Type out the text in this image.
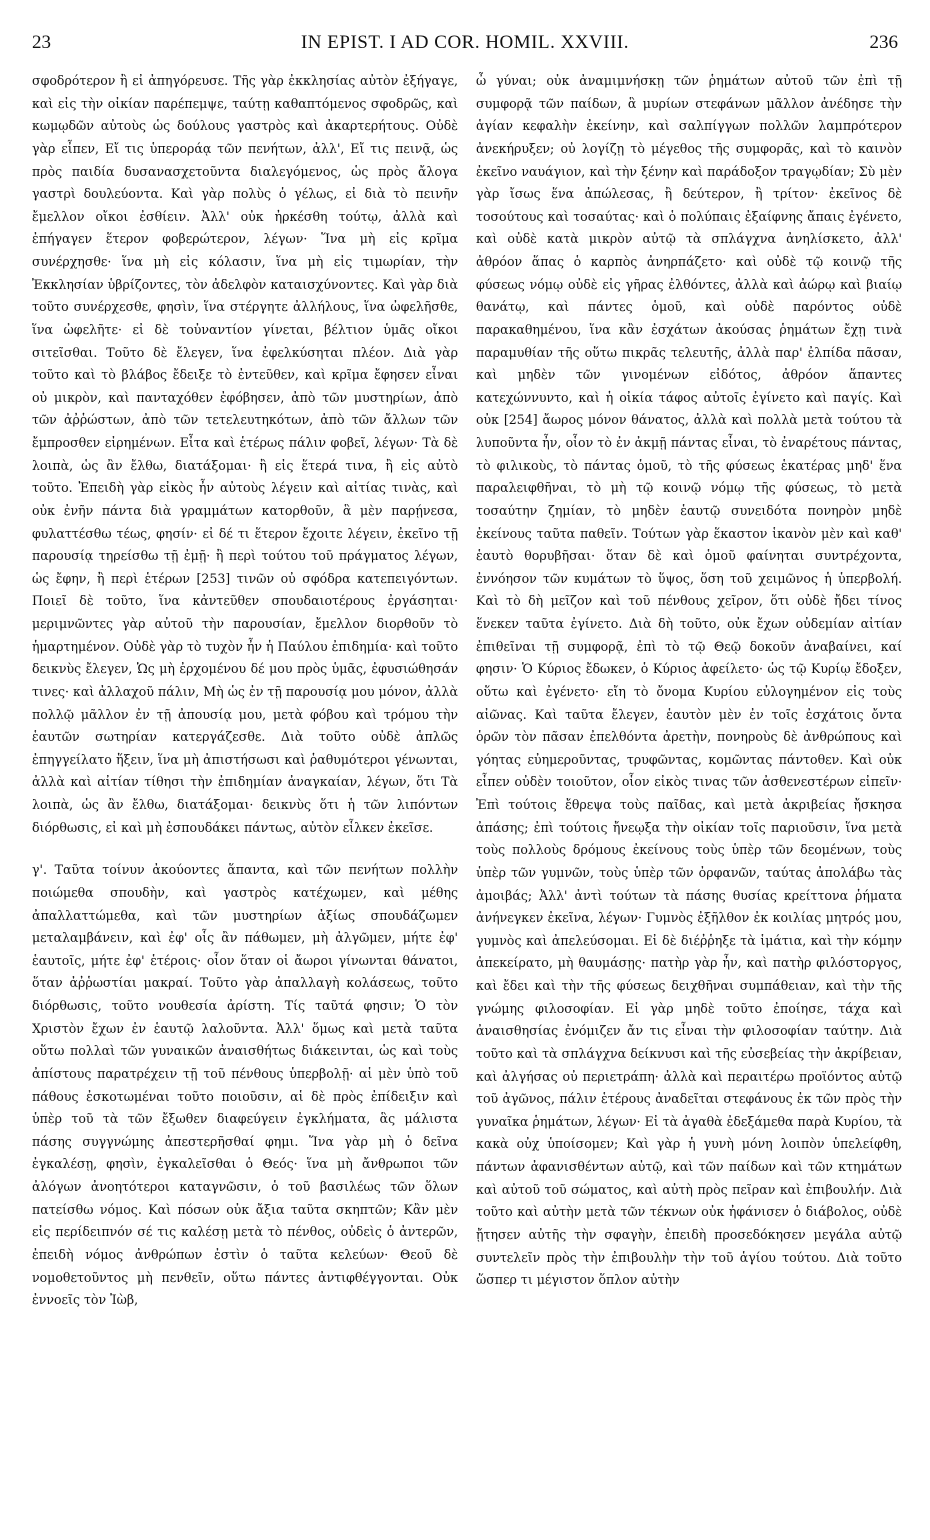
23	IN EPIST. I AD COR. HOMIL. XXVIII.	236

σφοδρότερον ἢ εἰ ἀπηγόρευσε. Τῆς γὰρ ἐκκλησίας αὐτὸν ἐξήγαγε, καὶ εἰς τὴν οἰκίαν παρέπεμψε, ταύτῃ καθαπτόμενος σφοδρῶς, καὶ κωμῳδῶν αὐτοὺς ὡς δούλους γαστρὸς καὶ ἀκαρτερήτους. Οὐδὲ γὰρ εἶπεν, Εἴ τις ὑπεροράᾳ τῶν πενήτων, ἀλλ', Εἴ τις πεινᾷ, ὡς πρὸς παιδία δυσανασχετοῦντα διαλεγόμενος, ὡς πρὸς ἄλογα γαστρὶ δουλεύοντα. Καὶ γὰρ πολὺς ὁ γέλως, εἰ διὰ τὸ πεινῆν ἔμελλον οἴκοι ἐσθίειν. Ἀλλ' οὐκ ἠρκέσθη τούτῳ, ἀλλὰ καὶ ἐπήγαγεν ἕτερον φοβερώτερον, λέγων· Ἵνα μὴ εἰς κρῖμα συνέρχησθε· ἵνα μὴ εἰς κόλασιν, ἵνα μὴ εἰς τιμωρίαν, τὴν Ἐκκλησίαν ὑβρίζοντες, τὸν ἀδελφὸν καταισχύνοντες. Καὶ γὰρ διὰ τοῦτο συνέρχεσθε, φησὶν, ἵνα στέργητε ἀλλήλους, ἵνα ὠφελῆσθε, ἵνα ὠφελῆτε· εἰ δὲ τοὐναντίον γίνεται, βέλτιον ὑμᾶς οἴκοι σιτεῖσθαι. Τοῦτο δὲ ἔλεγεν, ἵνα ἐφελκύσηται πλέον. Διὰ γὰρ τοῦτο καὶ τὸ βλάβος ἔδειξε τὸ ἐντεῦθεν, καὶ κρῖμα ἔφησεν εἶναι οὐ μικρὸν, καὶ πανταχόθεν ἐφόβησεν, ἀπὸ τῶν μυστηρίων, ἀπὸ τῶν ἀῤῥώστων, ἀπὸ τῶν τετελευτηκότων, ἀπὸ τῶν ἄλλων τῶν ἔμπροσθεν εἰρημένων. Εἶτα καὶ ἑτέρως πάλιν φοβεῖ, λέγων· Τὰ δὲ λοιπὰ, ὡς ἂν ἔλθω, διατάξομαι· ἢ εἰς ἕτερά τινα, ἢ εἰς αὐτὸ τοῦτο. Ἐπειδὴ γὰρ εἰκὸς ἦν αὐτοὺς λέγειν καὶ αἰτίας τινὰς, καὶ οὐκ ἐνῆν πάντα διὰ γραμμάτων κατορθοῦν, ἃ μὲν παρῄνεσα, φυλαττέσθω τέως, φησίν· εἰ δέ τι ἕτερον ἔχοιτε λέγειν, ἐκεῖνο τῇ παρουσίᾳ τηρείσθω τῇ ἐμῇ· ἢ περὶ τούτου τοῦ πράγματος λέγων, ὡς ἔφην, ἢ περὶ ἑτέρων [253] τινῶν οὐ σφόδρα κατεπειγόντων. Ποιεῖ δὲ τοῦτο, ἵνα κἀντεῦθεν σπουδαιοτέρους ἐργάσηται· μεριμνῶντες γὰρ αὐτοῦ τὴν παρουσίαν, ἔμελλον διορθοῦν τὸ ἡμαρτημένον. Οὐδὲ γὰρ τὸ τυχὸν ἦν ἡ Παύλου ἐπιδημία· καὶ τοῦτο δεικνὺς ἔλεγεν, Ὡς μὴ ἐρχομένου δέ μου πρὸς ὑμᾶς, ἐφυσιώθησάν τινες· καὶ ἀλλαχοῦ πάλιν, Μὴ ὡς ἐν τῇ παρουσίᾳ μου μόνον, ἀλλὰ πολλῷ μᾶλλον ἐν τῇ ἀπουσίᾳ μου, μετὰ φόβου καὶ τρόμου τὴν ἑαυτῶν σωτηρίαν κατεργάζεσθε. Διὰ τοῦτο οὐδὲ ἁπλῶς ἐπηγγείλατο ἥξειν, ἵνα μὴ ἀπιστήσωσι καὶ ῥαθυμότεροι γένωνται, ἀλλὰ καὶ αἰτίαν τίθησι τὴν ἐπιδημίαν ἀναγκαίαν, λέγων, ὅτι Τὰ λοιπὰ, ὡς ἂν ἔλθω, διατάξομαι· δεικνὺς ὅτι ἡ τῶν λιπόντων διόρθωσις, εἰ καὶ μὴ ἐσπουδάκει πάντως, αὐτὸν εἷλκεν ἐκεῖσε.

γ'. Ταῦτα τοίνυν ἀκούοντες ἅπαντα, καὶ τῶν πενήτων πολλὴν ποιώμεθα σπουδὴν, καὶ γαστρὸς κατέχωμεν, καὶ μέθης ἀπαλλαττώμεθα, καὶ τῶν μυστηρίων ἀξίως σπουδάζωμεν μεταλαμβάνειν, καὶ ἐφ' οἷς ἂν πάθωμεν, μὴ ἀλγῶμεν, μήτε ἐφ' ἑαυτοῖς, μήτε ἐφ' ἑτέροις· οἷον ὅταν οἱ ἄωροι γίνωνται θάνατοι, ὅταν ἀῤῥωστίαι μακραί. Τοῦτο γὰρ ἀπαλλαγὴ κολάσεως, τοῦτο διόρθωσις, τοῦτο νουθεσία ἀρίστη. Τίς ταῦτά φησιν; Ὁ τὸν Χριστὸν ἔχων ἐν ἑαυτῷ λαλοῦντα. Ἀλλ' ὅμως καὶ μετὰ ταῦτα οὕτω πολλαὶ τῶν γυναικῶν ἀναισθήτως διάκεινται, ὡς καὶ τοὺς ἀπίστους παρατρέχειν τῇ τοῦ πένθους ὑπερβολῇ· αἱ μὲν ὑπὸ τοῦ πάθους ἐσκοτωμέναι τοῦτο ποιοῦσιν, αἱ δὲ πρὸς ἐπίδειξιν καὶ ὑπὲρ τοῦ τὰ τῶν ἔξωθεν διαφεύγειν ἐγκλήματα, ἃς μάλιστα πάσης συγγνώμης ἀπεστερῆσθαί φημι. Ἵνα γὰρ μὴ ὁ δεῖνα ἐγκαλέσῃ, φησὶν, ἐγκαλεῖσθαι ὁ Θεός· ἵνα μὴ ἄνθρωποι τῶν ἀλόγων ἀνοητότεροι καταγνῶσιν, ὁ τοῦ βασιλέως τῶν ὅλων πατείσθω νόμος. Καὶ πόσων οὐκ ἄξια ταῦτα σκηπτῶν; Κἂν μὲν εἰς περίδειπνόν σέ τις καλέσῃ μετὰ τὸ πένθος, οὐδεὶς ὁ ἀντερῶν, ἐπειδὴ νόμος ἀνθρώπων ἐστὶν ὁ ταῦτα κελεύων· Θεοῦ δὲ νομοθετοῦντος μὴ πενθεῖν, οὕτω πάντες ἀντιφθέγγονται. Οὐκ ἐννοεῖς τὸν Ἰὼβ,

ὦ γύναι; οὐκ ἀναμιμνήσκῃ τῶν ῥημάτων αὐτοῦ τῶν ἐπὶ τῇ συμφορᾷ τῶν παίδων, ἃ μυρίων στεφάνων μᾶλλον ἀνέδησε τὴν ἁγίαν κεφαλὴν ἐκείνην, καὶ σαλπίγγων πολλῶν λαμπρότερον ἀνεκήρυξεν; οὐ λογίζῃ τὸ μέγεθος τῆς συμφορᾶς, καὶ τὸ καινὸν ἐκεῖνο ναυάγιον, καὶ τὴν ξένην καὶ παράδοξον τραγῳδίαν; Σὺ μὲν γὰρ ἴσως ἕνα ἀπώλεσας, ἢ δεύτερον, ἢ τρίτον· ἐκεῖνος δὲ τοσούτους καὶ τοσαύτας· καὶ ὁ πολύπαις ἐξαίφνης ἄπαις ἐγένετο, καὶ οὐδὲ κατὰ μικρὸν αὐτῷ τὰ σπλάγχνα ἀνηλίσκετο, ἀλλ' ἀθρόον ἅπας ὁ καρπὸς ἀνηρπάζετο· καὶ οὐδὲ τῷ κοινῷ τῆς φύσεως νόμῳ οὐδὲ εἰς γῆρας ἐλθόντες, ἀλλὰ καὶ ἀώρῳ καὶ βιαίῳ θανάτῳ, καὶ πάντες ὁμοῦ, καὶ οὐδὲ παρόντος οὐδὲ παρακαθημένου, ἵνα κἂν ἐσχάτων ἀκούσας ῥημάτων ἔχῃ τινὰ παραμυθίαν τῆς οὕτω πικρᾶς τελευτῆς, ἀλλὰ παρ' ἐλπίδα πᾶσαν, καὶ μηδὲν τῶν γινομένων εἰδότος, ἀθρόον ἅπαντες κατεχώννυντο, καὶ ἡ οἰκία τάφος αὐτοῖς ἐγίνετο καὶ παγίς. Καὶ οὐκ [254] ἄωρος μόνον θάνατος, ἀλλὰ καὶ πολλὰ μετὰ τούτου τὰ λυποῦντα ἦν, οἷον τὸ ἐν ἀκμῇ πάντας εἶναι, τὸ ἐναρέτους πάντας, τὸ φιλικοὺς, τὸ πάντας ὁμοῦ, τὸ τῆς φύσεως ἑκατέρας μηδ' ἕνα παραλειφθῆναι, τὸ μὴ τῷ κοινῷ νόμῳ τῆς φύσεως, τὸ μετὰ τοσαύτην ζημίαν, τὸ μηδὲν ἑαυτῷ συνειδότα πονηρὸν μηδὲ ἐκείνους ταῦτα παθεῖν. Τούτων γὰρ ἕκαστον ἱκανὸν μὲν καὶ καθ' ἑαυτὸ θορυβῆσαι· ὅταν δὲ καὶ ὁμοῦ φαίνηται συντρέχοντα, ἐννόησον τῶν κυμάτων τὸ ὕψος, ὅση τοῦ χειμῶνος ἡ ὑπερβολή. Καὶ τὸ δὴ μεῖζον καὶ τοῦ πένθους χεῖρον, ὅτι οὐδὲ ἤδει τίνος ἕνεκεν ταῦτα ἐγίνετο. Διὰ δὴ τοῦτο, οὐκ ἔχων οὐδεμίαν αἰτίαν ἐπιθεῖναι τῇ συμφορᾷ, ἐπὶ τὸ τῷ Θεῷ δοκοῦν ἀναβαίνει, καί φησιν· Ὁ Κύριος ἔδωκεν, ὁ Κύριος ἀφείλετο· ὡς τῷ Κυρίῳ ἔδοξεν, οὕτω καὶ ἐγένετο· εἴη τὸ ὄνομα Κυρίου εὐλογημένον εἰς τοὺς αἰῶνας. Καὶ ταῦτα ἔλεγεν, ἑαυτὸν μὲν ἐν τοῖς ἐσχάτοις ὄντα ὁρῶν τὸν πᾶσαν ἐπελθόντα ἀρετὴν, πονηροὺς δὲ ἀνθρώπους καὶ γόητας εὐημεροῦντας, τρυφῶντας, κομῶντας πάντοθεν. Καὶ οὐκ εἶπεν οὐδὲν τοιοῦτον, οἷον εἰκὸς τινας τῶν ἀσθενεστέρων εἰπεῖν· Ἐπὶ τούτοις ἔθρεψα τοὺς παῖδας, καὶ μετὰ ἀκριβείας ἤσκησα ἀπάσης; ἐπὶ τούτοις ἤνεῳξα τὴν οἰκίαν τοῖς παριοῦσιν, ἵνα μετὰ τοὺς πολλοὺς δρόμους ἐκείνους τοὺς ὑπὲρ τῶν δεομένων, τοὺς ὑπὲρ τῶν γυμνῶν, τοὺς ὑπὲρ τῶν ὀρφανῶν, ταύτας ἀπολάβω τὰς ἀμοιβάς; Ἀλλ' ἀντὶ τούτων τὰ πάσης θυσίας κρείττονα ῥήματα ἀνήνεγκεν ἐκεῖνα, λέγων· Γυμνὸς ἐξῆλθον ἐκ κοιλίας μητρός μου, γυμνὸς καὶ ἀπελεύσομαι. Εἰ δὲ διέῤῥηξε τὰ ἱμάτια, καὶ τὴν κόμην ἀπεκείρατο, μὴ θαυμάσῃς· πατὴρ γὰρ ἦν, καὶ πατὴρ φιλόστοργος, καὶ ἔδει καὶ τὴν τῆς φύσεως δειχθῆναι συμπάθειαν, καὶ τὴν τῆς γνώμης φιλοσοφίαν. Εἰ γὰρ μηδὲ τοῦτο ἐποίησε, τάχα καὶ ἀναισθησίας ἐνόμιζεν ἄν τις εἶναι τὴν φιλοσοφίαν ταύτην. Διὰ τοῦτο καὶ τὰ σπλάγχνα δείκνυσι καὶ τῆς εὐσεβείας τὴν ἀκρίβειαν, καὶ ἀλγήσας οὐ περιετράπη· ἀλλὰ καὶ περαιτέρω προϊόντος αὐτῷ τοῦ ἀγῶνος, πάλιν ἑτέρους ἀναδεῖται στεφάνους ἐκ τῶν πρὸς τὴν γυναῖκα ῥημάτων, λέγων· Εἰ τὰ ἀγαθὰ ἐδεξάμεθα παρὰ Κυρίου, τὰ κακὰ οὐχ ὑποίσομεν; Καὶ γὰρ ἡ γυνὴ μόνη λοιπὸν ὑπελείφθη, πάντων ἀφανισθέντων αὐτῷ, καὶ τῶν παίδων καὶ τῶν κτημάτων καὶ αὐτοῦ τοῦ σώματος, καὶ αὐτὴ πρὸς πεῖραν καὶ ἐπιβουλήν. Διὰ τοῦτο καὶ αὐτὴν μετὰ τῶν τέκνων οὐκ ἠφάνισεν ὁ διάβολος, οὐδὲ ᾔτησεν αὐτῆς τὴν σφαγὴν, ἐπειδὴ προσεδόκησεν μεγάλα αὐτῷ συντελεῖν πρὸς τὴν ἐπιβουλὴν τὴν τοῦ ἁγίου τούτου. Διὰ τοῦτο ὥσπερ τι μέγιστον ὅπλον αὐτὴν
